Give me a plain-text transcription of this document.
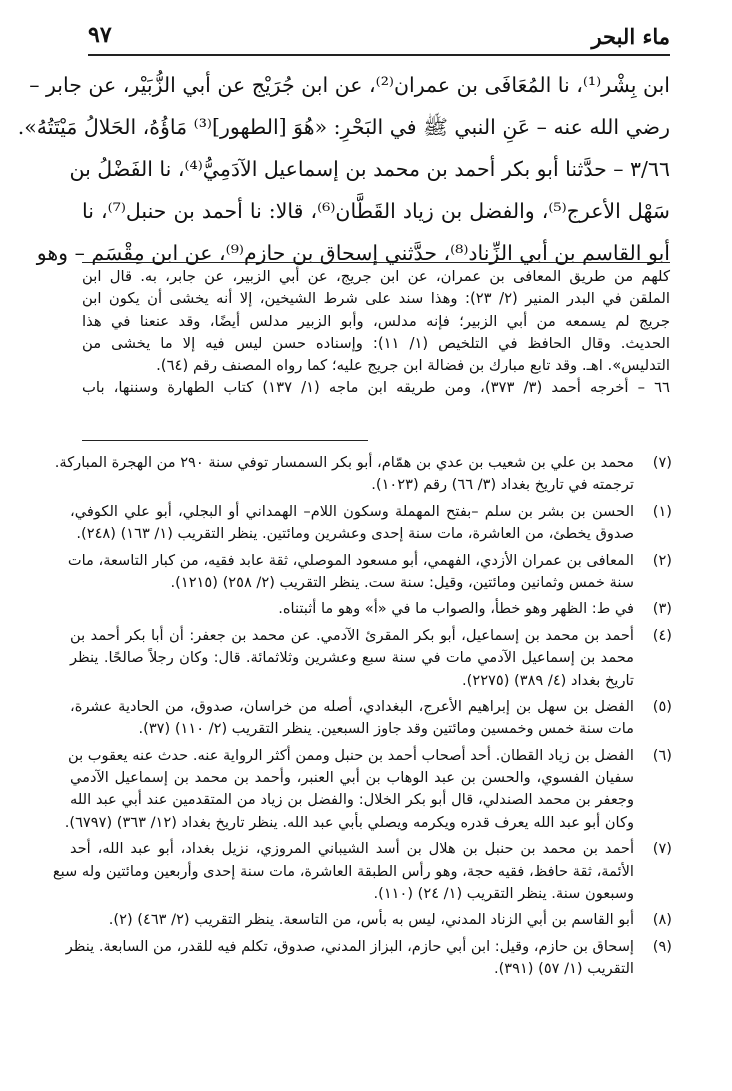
ماء البحر
٩٧
ابن بِشْر⁽¹⁾، نا المُعَافَى بن عمران⁽²⁾، عن ابن جُرَيْج عن أبي الزُّبَيْر، عن جابر –
رضي الله عنه – عَنِ النبي ﷺ في البَحْرِ: «هُوَ [الطهور]⁽³⁾ مَاؤُهُ، الحَلالُ مَيْتَتُهُ».
٣/٦٦ – حدَّثنا أبو بكر أحمد بن محمد بن إسماعيل الآدَمِيُّ⁽⁴⁾، نا الفَضْلُ بن
سَهْل الأعرج⁽⁵⁾، والفضل بن زياد القَطَّان⁽⁶⁾، قالا: نا أحمد بن حنبل⁽⁷⁾، نا
أبو القاسم بن أبي الزِّناد⁽⁸⁾، حدَّثني إسحاق بن حازم⁽⁹⁾، عن ابن مِقْسَم – وهو
كلهم من طريق المعافى بن عمران، عن ابن جريج، عن أبي الزبير، عن جابر، به. قال ابن
الملقن في البدر المنير (٢/ ٢٣): وهذا سند على شرط الشيخين، إلا أنه يخشى أن يكون ابن
جريج لم يسمعه من أبي الزبير؛ فإنه مدلس، وأبو الزبير مدلس أيضًا، وقد عنعنا في هذا
الحديث. وقال الحافظ في التلخيص (١/ ١١): وإسناده حسن ليس فيه إلا ما يخشى من
التدليس». اهـ. وقد تابع مبارك بن فضالة ابن جريج عليه؛ كما رواه المصنف رقم (٦٤).
٦٦ – أخرجه أحمد (٣/ ٣٧٣)، ومن طريقه ابن ماجه (١/ ١٣٧) كتاب الطهارة وسننها، باب
(٧)
محمد بن علي بن شعيب بن عدي بن همّام، أبو بكر السمسار توفي سنة ٢٩٠ من الهجرة المباركة.
ترجمته في تاريخ بغداد (٣/ ٦٦) رقم (١٠٢٣).
(١)
الحسن بن بشر بن سلم –بفتح المهملة وسكون اللام– الهمداني أو البجلي، أبو علي الكوفي،
صدوق يخطئ، من العاشرة، مات سنة إحدى وعشرين ومائتين. ينظر التقريب (١/ ١٦٣) (٢٤٨).
(٢)
المعافى بن عمران الأزدي، الفهمي، أبو مسعود الموصلي، ثقة عابد فقيه، من كبار التاسعة، مات
سنة خمس وثمانين ومائتين، وقيل: سنة ست. ينظر التقريب (٢/ ٢٥٨) (١٢١٥).
(٣)
في ط: الظهر وهو خطأ، والصواب ما في «أ» وهو ما أثبتناه.
(٤)
أحمد بن محمد بن إسماعيل، أبو بكر المقرئ الآدمي. عن محمد بن جعفر: أن أبا بكر أحمد بن
محمد بن إسماعيل الآدمي مات في سنة سبع وعشرين وثلاثمائة. قال: وكان رجلاً صالحًا. ينظر
تاريخ بغداد (٤/ ٣٨٩) (٢٢٧٥).
(٥)
الفضل بن سهل بن إبراهيم الأعرج، البغدادي، أصله من خراسان، صدوق، من الحادية عشرة،
مات سنة خمس وخمسين ومائتين وقد جاوز السبعين. ينظر التقريب (٢/ ١١٠) (٣٧).
(٦)
الفضل بن زياد القطان. أحد أصحاب أحمد بن حنبل وممن أكثر الرواية عنه. حدث عنه يعقوب بن
سفيان الفسوي، والحسن بن عبد الوهاب بن أبي العنبر، وأحمد بن محمد بن إسماعيل الآدمي
وجعفر بن محمد الصندلي، قال أبو بكر الخلال: والفضل بن زياد من المتقدمين عند أبي عبد الله
وكان أبو عبد الله يعرف قدره ويكرمه ويصلي بأبي عبد الله. ينظر تاريخ بغداد (١٢/ ٣٦٣) (٦٧٩٧).
(٧)
أحمد بن محمد بن حنبل بن هلال بن أسد الشيباني المروزي، نزيل بغداد، أبو عبد الله، أحد
الأئمة، ثقة حافظ، فقيه حجة، وهو رأس الطبقة العاشرة، مات سنة إحدى وأربعين ومائتين وله سبع
وسبعون سنة. ينظر التقريب (١/ ٢٤) (١١٠).
(٨)
أبو القاسم بن أبي الزناد المدني، ليس به بأس، من التاسعة. ينظر التقريب (٢/ ٤٦٣) (٢).
(٩)
إسحاق بن حازم، وقيل: ابن أبي حازم، البزاز المدني، صدوق، تكلم فيه للقدر، من السابعة. ينظر
التقريب (١/ ٥٧) (٣٩١).
